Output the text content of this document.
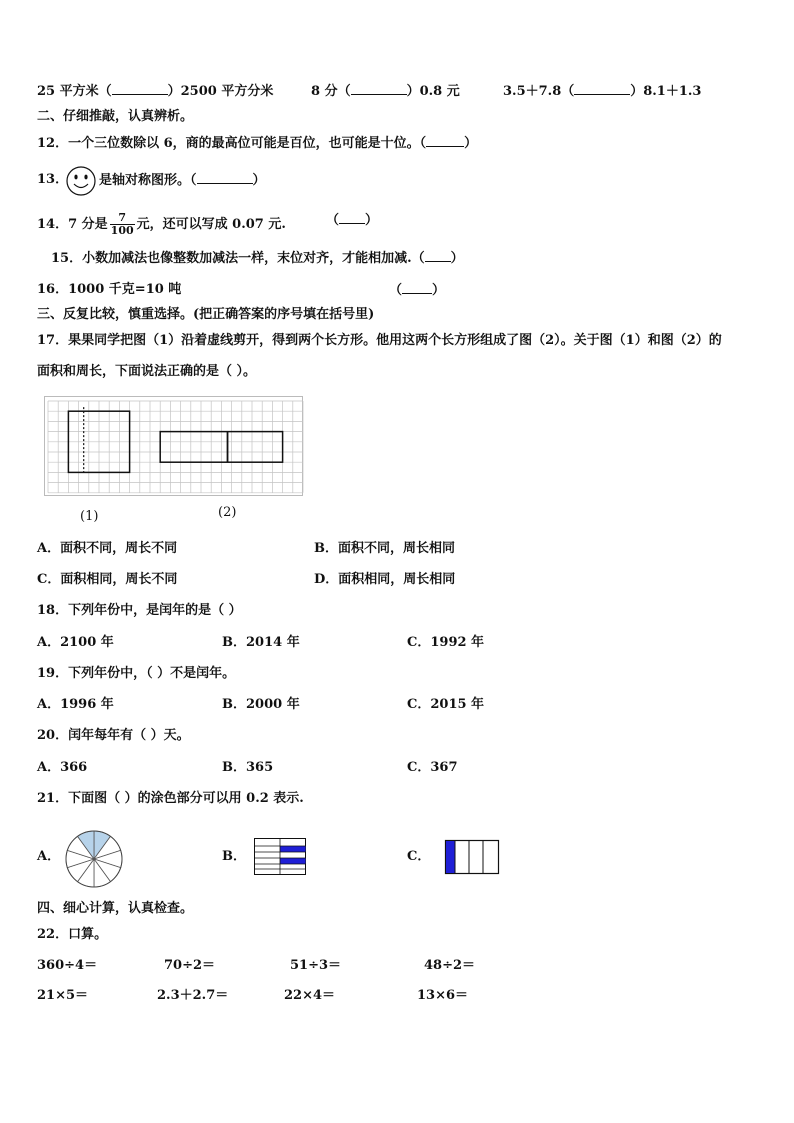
25 平方米（	）2500 平方分米	8 分（	）0.8 元	3.5＋7.8（	）8.1＋1.3
二、仔细推敲，认真辨析。
12．一个三位数除以 6，商的最高位可能是百位，也可能是十位。（	）
13． 是轴对称图形。（	）
14．7 分是 $\frac{7}{100}$ 元，还可以写成 0.07 元.	（ ）
15．小数加减法也像整数加减法一样，末位对齐，才能相加减.（ ）
16．1000 千克=10 吨	（ ）
三、反复比较，慎重选择。(把正确答案的序号填在括号里)
17．果果同学把图（1）沿着虚线剪开，得到两个长方形。他用这两个长方形组成了图（2）。关于图（1）和图（2）的
面积和周长，下面说法正确的是（ ）。
(1)	(2)
A．面积不同，周长不同	B．面积不同，周长相同
C．面积相同，周长不同	D．面积相同，周长相同
18．下列年份中，是闰年的是（ ）
A．2100 年	B．2014 年	C．1992 年
19．下列年份中，（ ）不是闰年。
A．1996 年	B．2000 年	C．2015 年
20．闰年每年有（ ）天。
A．366	B．365	C．367
21．下面图（ ）的涂色部分可以用 0.2 表示.
A．	B．	C．
四、细心计算，认真检查。
22．口算。
360÷4＝	70÷2＝	51÷3＝	48÷2＝
21×5＝	2.3＋2.7＝	22×4＝	13×6＝
